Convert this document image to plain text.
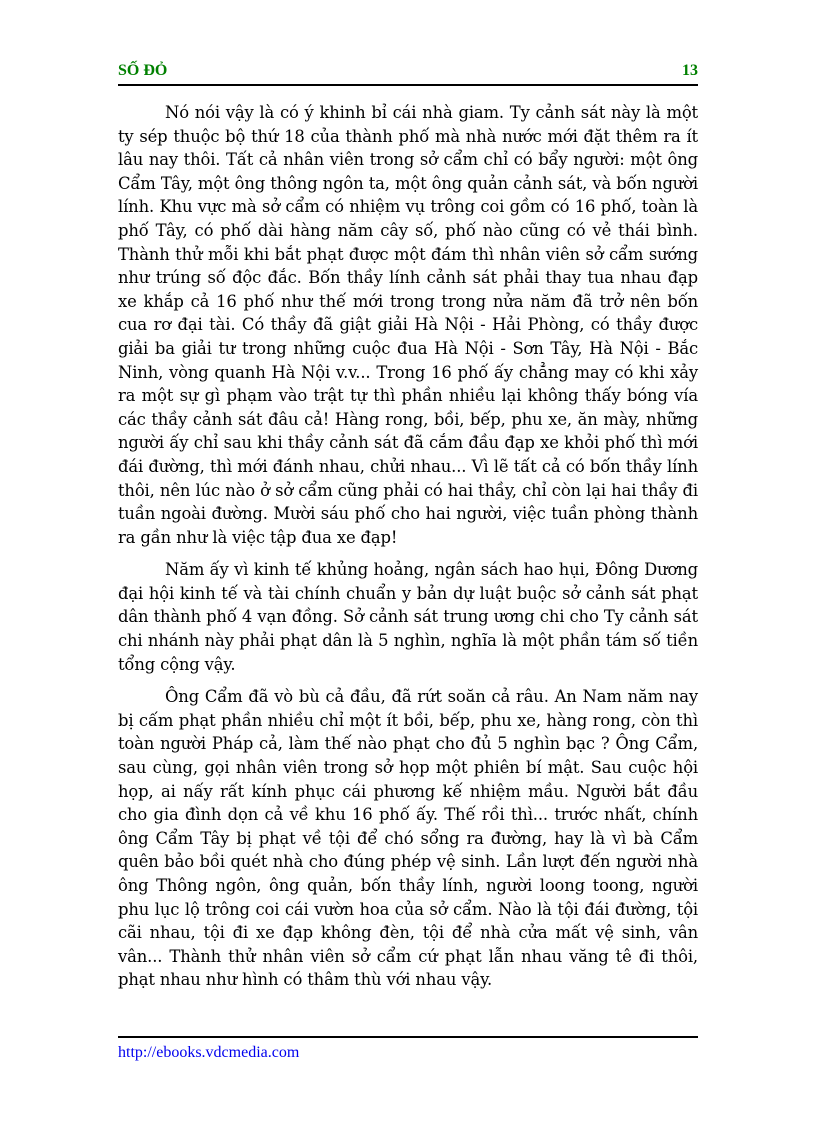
SỐ ĐỎ	13

Nó nói vậy là có ý khinh bỉ cái nhà giam. Ty cảnh sát này là một ty sép thuộc bộ thứ 18 của thành phố mà nhà nước mới đặt thêm ra ít lâu nay thôi. Tất cả nhân viên trong sở cẩm chỉ có bẩy người: một ông Cẩm Tây, một ông thông ngôn ta, một ông quản cảnh sát, và bốn người lính. Khu vực mà sở cẩm có nhiệm vụ trông coi gồm có 16 phố, toàn là phố Tây, có phố dài hàng năm cây số, phố nào cũng có vẻ thái bình. Thành thử mỗi khi bắt phạt được một đám thì nhân viên sở cẩm sướng như trúng số độc đắc. Bốn thầy lính cảnh sát phải thay tua nhau đạp xe khắp cả 16 phố như thế mới trong trong nửa năm đã trở nên bốn cua rơ đại tài. Có thầy đã giật giải Hà Nội - Hải Phòng, có thầy được giải ba giải tư trong những cuộc đua Hà Nội - Sơn Tây, Hà Nội - Bắc Ninh, vòng quanh Hà Nội v.v... Trong 16 phố ấy chẳng may có khi xảy ra một sự gì phạm vào trật tự thì phần nhiều lại không thấy bóng vía các thầy cảnh sát đâu cả! Hàng rong, bồi, bếp, phu xe, ăn mày, những người ấy chỉ sau khi thầy cảnh sát đã cắm đầu đạp xe khỏi phố thì mới đái đường, thì mới đánh nhau, chửi nhau... Vì lẽ tất cả có bốn thầy lính thôi, nên lúc nào ở sở cẩm cũng phải có hai thầy, chỉ còn lại hai thầy đi tuần ngoài đường. Mười sáu phố cho hai người, việc tuần phòng thành ra gần như là việc tập đua xe đạp!

Năm ấy vì kinh tế khủng hoảng, ngân sách hao hụi, Đông Dương đại hội kinh tế và tài chính chuẩn y bản dự luật buộc sở cảnh sát phạt dân thành phố 4 vạn đồng. Sở cảnh sát trung ương chi cho Ty cảnh sát chi nhánh này phải phạt dân là 5 nghìn, nghĩa là một phần tám số tiền tổng cộng vậy.

Ông Cẩm đã vò bù cả đầu, đã rứt soăn cả râu. An Nam năm nay bị cấm phạt phần nhiều chỉ một ít bồi, bếp, phu xe, hàng rong, còn thì toàn người Pháp cả, làm thế nào phạt cho đủ 5 nghìn bạc ? Ông Cẩm, sau cùng, gọi nhân viên trong sở họp một phiên bí mật. Sau cuộc hội họp, ai nấy rất kính phục cái phương kế nhiệm mầu. Người bắt đầu cho gia đình dọn cả về khu 16 phố ấy. Thế rồi thì... trước nhất, chính ông Cẩm Tây bị phạt về tội để chó sổng ra đường, hay là vì bà Cẩm quên bảo bồi quét nhà cho đúng phép vệ sinh. Lần lượt đến người nhà ông Thông ngôn, ông quản, bốn thầy lính, người loong toong, người phu lục lộ trông coi cái vườn hoa của sở cẩm. Nào là tội đái đường, tội cãi nhau, tội đi xe đạp không đèn, tội để nhà cửa mất vệ sinh, vân vân... Thành thử nhân viên sở cẩm cứ phạt lẫn nhau văng tê đi thôi, phạt nhau như hình có thâm thù với nhau vậy.

http://ebooks.vdcmedia.com
